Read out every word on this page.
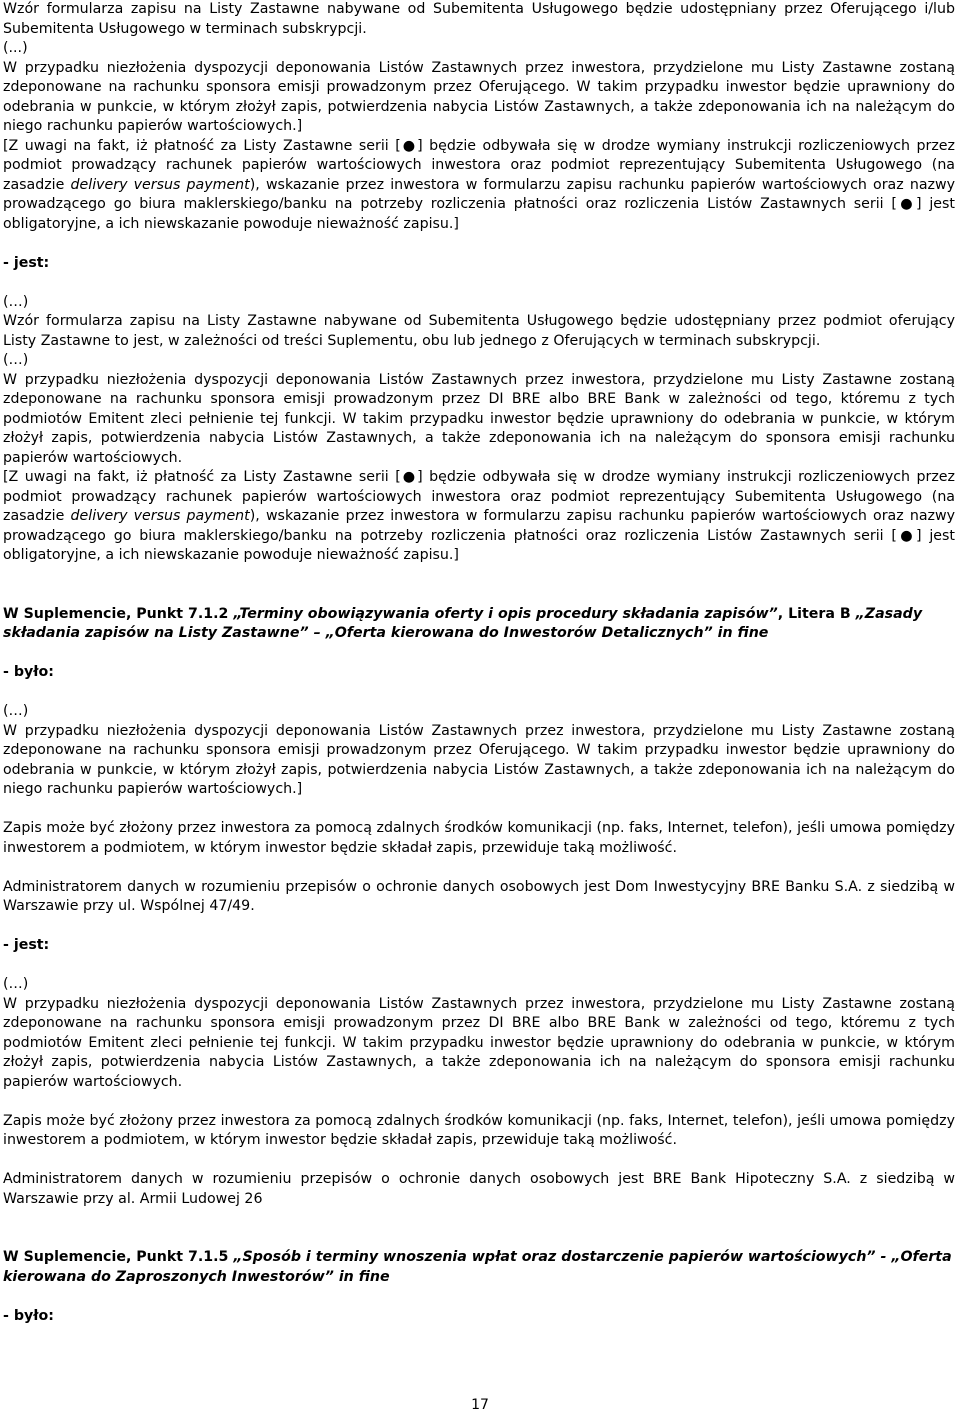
Wzór formularza zapisu na Listy Zastawne nabywane od Subemitenta Usługowego będzie udostępniany przez Oferującego i/lub Subemitenta Usługowego w terminach subskrypcji.

(...)

W przypadku niezłożenia dyspozycji deponowania Listów Zastawnych przez inwestora, przydzielone mu Listy Zastawne zostaną zdeponowane na rachunku sponsora emisji prowadzonym przez Oferującego. W takim przypadku inwestor będzie uprawniony do odebrania w punkcie, w którym złożył zapis, potwierdzenia nabycia Listów Zastawnych, a także zdeponowania ich na należącym do niego rachunku papierów wartościowych.]

[Z uwagi na fakt, iż płatność za Listy Zastawne serii [●] będzie odbywała się w drodze wymiany instrukcji rozliczeniowych przez podmiot prowadzący rachunek papierów wartościowych inwestora oraz podmiot reprezentujący Subemitenta Usługowego (na zasadzie delivery versus payment), wskazanie przez inwestora w formularzu zapisu rachunku papierów wartościowych oraz nazwy prowadzącego go biura maklerskiego/banku na potrzeby rozliczenia płatności oraz rozliczenia Listów Zastawnych serii [●] jest obligatoryjne, a ich niewskazanie powoduje nieważność zapisu.]

- jest:

(…)

Wzór formularza zapisu na Listy Zastawne nabywane od Subemitenta Usługowego będzie udostępniany przez podmiot oferujący Listy Zastawne to jest, w zależności od treści Suplementu, obu lub jednego z Oferujących w terminach subskrypcji.

(…)

W przypadku niezłożenia dyspozycji deponowania Listów Zastawnych przez inwestora, przydzielone mu Listy Zastawne zostaną zdeponowane na rachunku sponsora emisji prowadzonym przez DI BRE albo BRE Bank w zależności od tego, któremu z tych podmiotów Emitent zleci pełnienie tej funkcji. W takim przypadku inwestor będzie uprawniony do odebrania w punkcie, w którym złożył zapis, potwierdzenia nabycia Listów Zastawnych, a także zdeponowania ich na należącym do sponsora emisji rachunku papierów wartościowych.

[Z uwagi na fakt, iż płatność za Listy Zastawne serii [●] będzie odbywała się w drodze wymiany instrukcji rozliczeniowych przez podmiot prowadzący rachunek papierów wartościowych inwestora oraz podmiot reprezentujący Subemitenta Usługowego (na zasadzie delivery versus payment), wskazanie przez inwestora w formularzu zapisu rachunku papierów wartościowych oraz nazwy prowadzącego go biura maklerskiego/banku na potrzeby rozliczenia płatności oraz rozliczenia Listów Zastawnych serii [●] jest obligatoryjne, a ich niewskazanie powoduje nieważność zapisu.]

W Suplemencie, Punkt 7.1.2 „Terminy obowiązywania oferty i opis procedury składania zapisów”, Litera B „Zasady składania zapisów na Listy Zastawne” – „Oferta kierowana do Inwestorów Detalicznych” in fine

- było:

(…)

W przypadku niezłożenia dyspozycji deponowania Listów Zastawnych przez inwestora, przydzielone mu Listy Zastawne zostaną zdeponowane na rachunku sponsora emisji prowadzonym przez Oferującego. W takim przypadku inwestor będzie uprawniony do odebrania w punkcie, w którym złożył zapis, potwierdzenia nabycia Listów Zastawnych, a także zdeponowania ich na należącym do niego rachunku papierów wartościowych.]

Zapis może być złożony przez inwestora za pomocą zdalnych środków komunikacji (np. faks, Internet, telefon), jeśli umowa pomiędzy inwestorem a podmiotem, w którym inwestor będzie składał zapis, przewiduje taką możliwość.

Administratorem danych w rozumieniu przepisów o ochronie danych osobowych jest Dom Inwestycyjny BRE Banku S.A. z siedzibą w Warszawie przy ul. Wspólnej 47/49.

- jest:

(…)

W przypadku niezłożenia dyspozycji deponowania Listów Zastawnych przez inwestora, przydzielone mu Listy Zastawne zostaną zdeponowane na rachunku sponsora emisji prowadzonym przez DI BRE albo BRE Bank w zależności od tego, któremu z tych podmiotów Emitent zleci pełnienie tej funkcji. W takim przypadku inwestor będzie uprawniony do odebrania w punkcie, w którym złożył zapis, potwierdzenia nabycia Listów Zastawnych, a także zdeponowania ich na należącym do sponsora emisji rachunku papierów wartościowych.

Zapis może być złożony przez inwestora za pomocą zdalnych środków komunikacji (np. faks, Internet, telefon), jeśli umowa pomiędzy inwestorem a podmiotem, w którym inwestor będzie składał zapis, przewiduje taką możliwość.

Administratorem danych w rozumieniu przepisów o ochronie danych osobowych jest BRE Bank Hipoteczny S.A. z siedzibą w Warszawie przy al. Armii Ludowej 26

W Suplemencie, Punkt 7.1.5 „Sposób i terminy wnoszenia wpłat oraz dostarczenie papierów wartościowych” - „Oferta kierowana do Zaproszonych Inwestorów” in fine

- było:

17
